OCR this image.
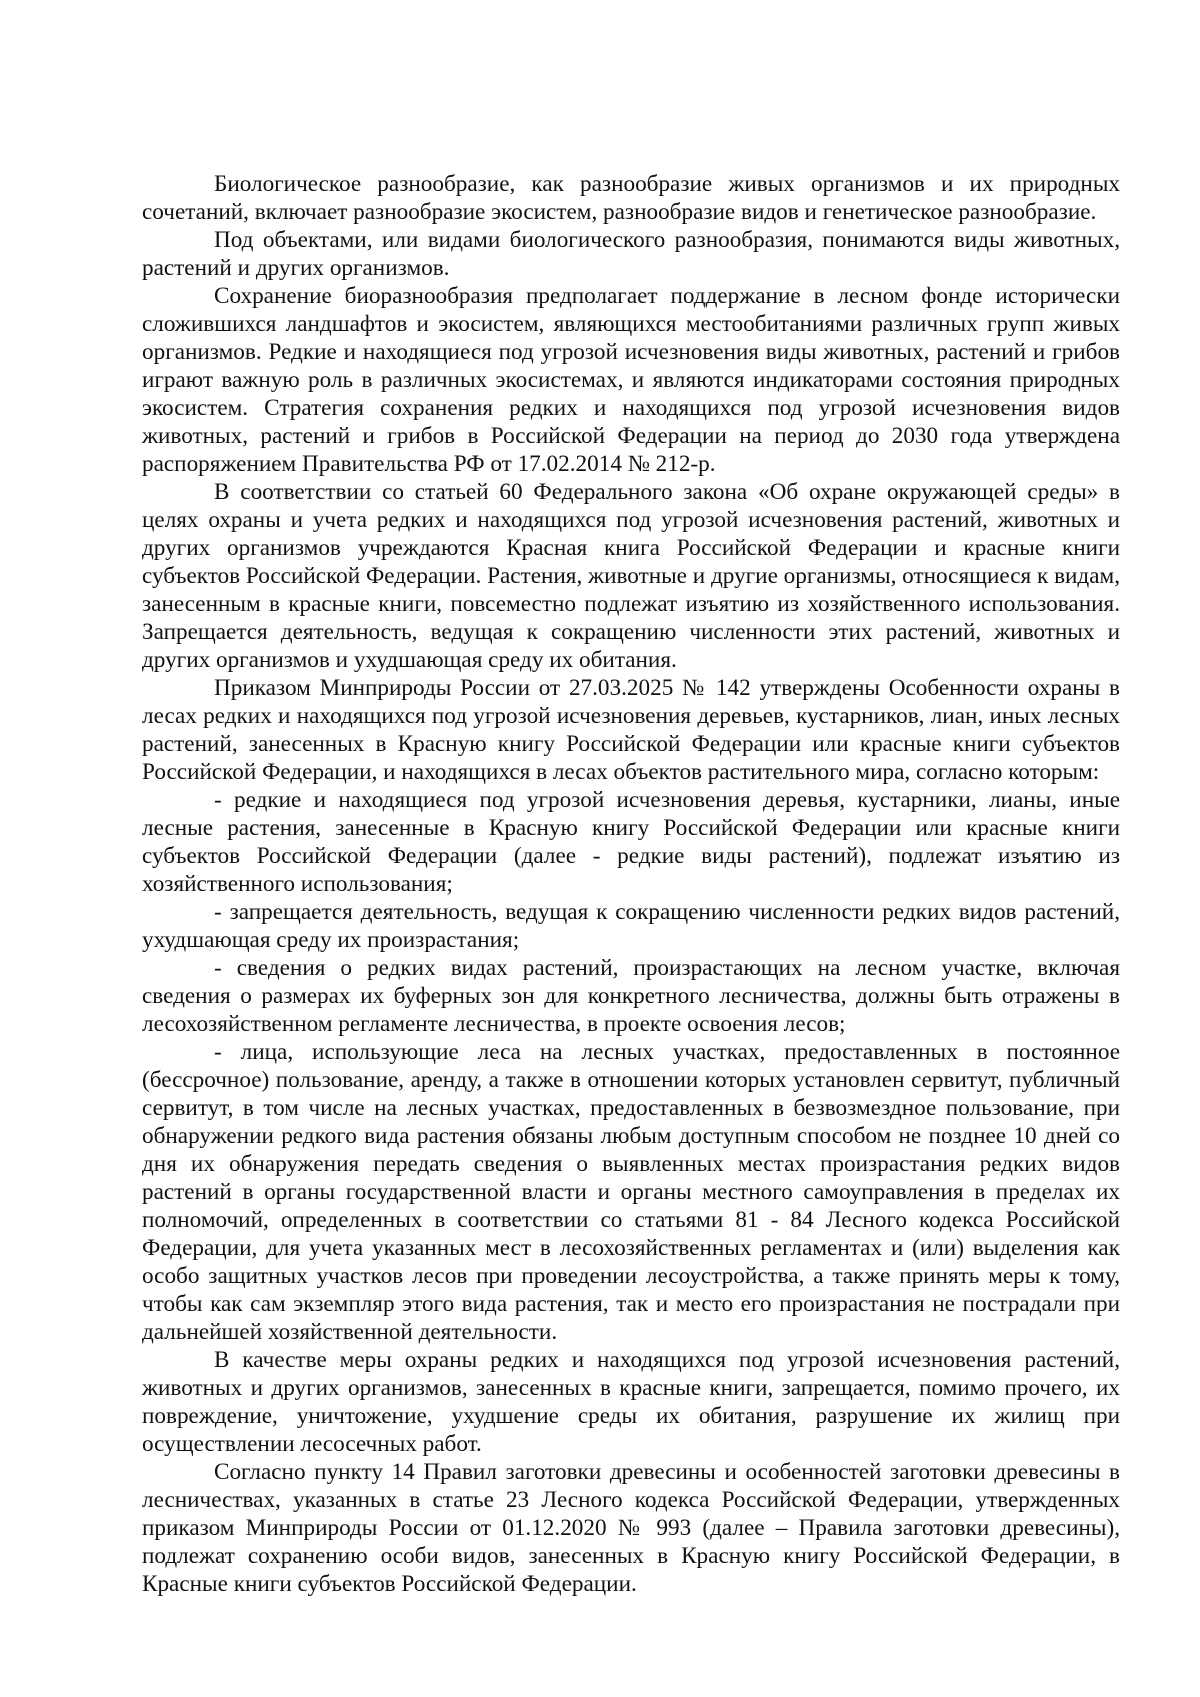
Биологическое разнообразие, как разнообразие живых организмов и их природных сочетаний, включает разнообразие экосистем, разнообразие видов и генетическое разнообразие.

Под объектами, или видами биологического разнообразия, понимаются виды животных, растений и других организмов.

Сохранение биоразнообразия предполагает поддержание в лесном фонде исторически сложившихся ландшафтов и экосистем, являющихся местообитаниями различных групп живых организмов. Редкие и находящиеся под угрозой исчезновения виды животных, растений и грибов играют важную роль в различных экосистемах, и являются индикаторами состояния природных экосистем. Стратегия сохранения редких и находящихся под угрозой исчезновения видов животных, растений и грибов в Российской Федерации на период до 2030 года утверждена распоряжением Правительства РФ от 17.02.2014 № 212-р.

В соответствии со статьей 60 Федерального закона «Об охране окружающей среды» в целях охраны и учета редких и находящихся под угрозой исчезновения растений, животных и других организмов учреждаются Красная книга Российской Федерации и красные книги субъектов Российской Федерации. Растения, животные и другие организмы, относящиеся к видам, занесенным в красные книги, повсеместно подлежат изъятию из хозяйственного использования. Запрещается деятельность, ведущая к сокращению численности этих растений, животных и других организмов и ухудшающая среду их обитания.

Приказом Минприроды России от 27.03.2025 № 142 утверждены Особенности охраны в лесах редких и находящихся под угрозой исчезновения деревьев, кустарников, лиан, иных лесных растений, занесенных в Красную книгу Российской Федерации или красные книги субъектов Российской Федерации, и находящихся в лесах объектов растительного мира, согласно которым:

- редкие и находящиеся под угрозой исчезновения деревья, кустарники, лианы, иные лесные растения, занесенные в Красную книгу Российской Федерации или красные книги субъектов Российской Федерации (далее - редкие виды растений), подлежат изъятию из хозяйственного использования;

- запрещается деятельность, ведущая к сокращению численности редких видов растений, ухудшающая среду их произрастания;

- сведения о редких видах растений, произрастающих на лесном участке, включая сведения о размерах их буферных зон для конкретного лесничества, должны быть отражены в лесохозяйственном регламенте лесничества, в проекте освоения лесов;

- лица, использующие леса на лесных участках, предоставленных в постоянное (бессрочное) пользование, аренду, а также в отношении которых установлен сервитут, публичный сервитут, в том числе на лесных участках, предоставленных в безвозмездное пользование, при обнаружении редкого вида растения обязаны любым доступным способом не позднее 10 дней со дня их обнаружения передать сведения о выявленных местах произрастания редких видов растений в органы государственной власти и органы местного самоуправления в пределах их полномочий, определенных в соответствии со статьями 81 - 84 Лесного кодекса Российской Федерации, для учета указанных мест в лесохозяйственных регламентах и (или) выделения как особо защитных участков лесов при проведении лесоустройства, а также принять меры к тому, чтобы как сам экземпляр этого вида растения, так и место его произрастания не пострадали при дальнейшей хозяйственной деятельности.

В качестве меры охраны редких и находящихся под угрозой исчезновения растений, животных и других организмов, занесенных в красные книги, запрещается, помимо прочего, их повреждение, уничтожение, ухудшение среды их обитания, разрушение их жилищ при осуществлении лесосечных работ.

Согласно пункту 14 Правил заготовки древесины и особенностей заготовки древесины в лесничествах, указанных в статье 23 Лесного кодекса Российской Федерации, утвержденных приказом Минприроды России от 01.12.2020 № 993 (далее – Правила заготовки древесины), подлежат сохранению особи видов, занесенных в Красную книгу Российской Федерации, в Красные книги субъектов Российской Федерации.
